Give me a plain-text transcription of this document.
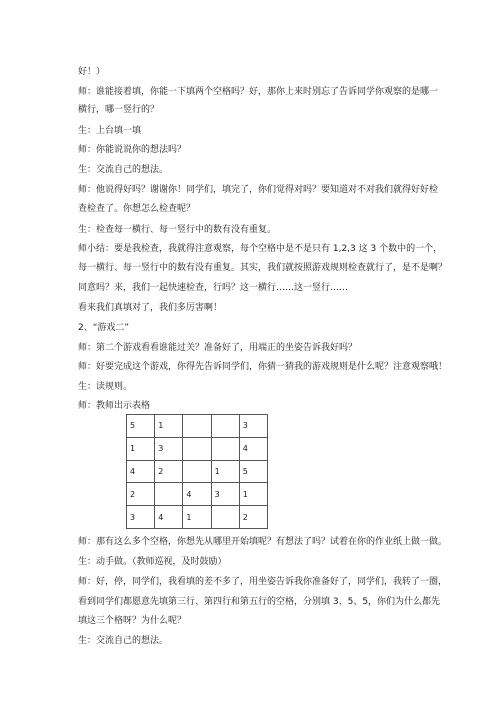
好！）
师：谁能接着填，你能一下填两个空格吗？好，那你上来时别忘了告诉同学你观察的是哪一
横行，哪一竖行的？
生：上台填一填
师：你能说说你的想法吗？
生：交流自己的想法。
师：他说得好吗？谢谢你！同学们，填完了，你们觉得对吗？要知道对不对我们就得好好检
查检查了。你想怎么检查呢？
生：检查每一横行、每一竖行中的数有没有重复。
师小结：要是我检查，我就得注意观察，每个空格中是不是只有 1,2,3 这 3 个数中的一个，
每一横行、每一竖行中的数有没有重复。其实，我们就按照游戏规则检查就行了，是不是啊？
同意吗？来，我们一起快速检查，行吗？这一横行……这一竖行……
看来我们真填对了，我们多厉害啊！
2、“游戏二”
师：第二个游戏看看谁能过关？准备好了，用端正的坐姿告诉我好吗？
师：好要完成这个游戏，你得先告诉同学们，你猜一猜我的游戏规则是什么呢？注意观察哦！
生：读规则。
师：教师出示表格
5	1			3
1	3			4
4	2		1	5
2		4	3	1
3	4	1		2
师：那有这么多个空格，你想先从哪里开始填呢？有想法了吗？试着在你的作业纸上做一做。
生：动手做。（教师巡视，及时鼓励）
师：好，停，同学们，我看填的差不多了，用坐姿告诉我你准备好了，同学们，我转了一圈，
看到同学们都愿意先填第三行、第四行和第五行的空格，分别填 3、5、5，你们为什么都先
填这三个格呀？为什么呢？
生：交流自己的想法。
